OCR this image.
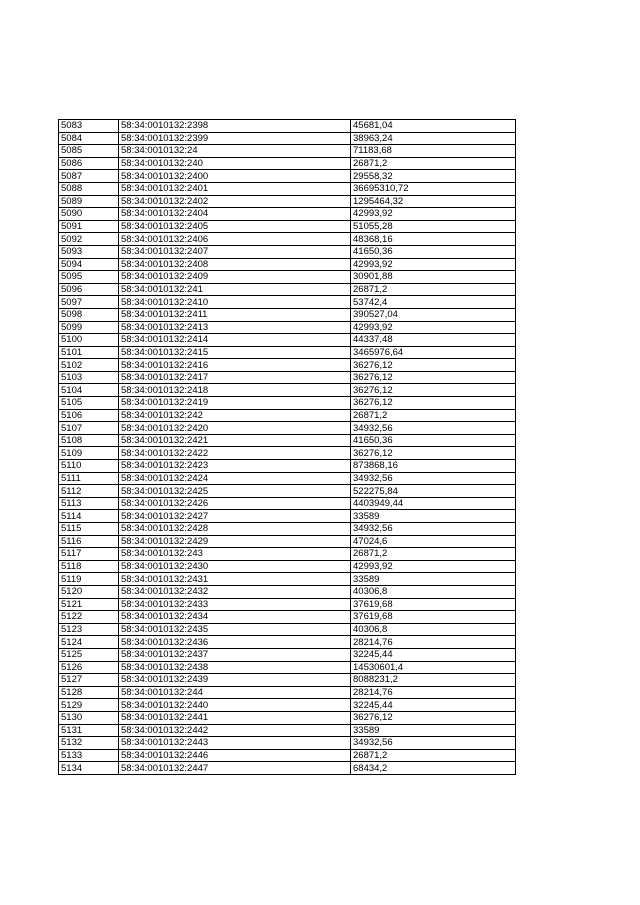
5083	58:34:0010132:2398	45681,04
5084	58:34:0010132:2399	38963,24
5085	58:34:0010132:24	71183,68
5086	58:34:0010132:240	26871,2
5087	58:34:0010132:2400	29558,32
5088	58:34:0010132:2401	36695310,72
5089	58:34:0010132:2402	1295464,32
5090	58:34:0010132:2404	42993,92
5091	58:34:0010132:2405	51055,28
5092	58:34:0010132:2406	48368,16
5093	58:34:0010132:2407	41650,36
5094	58:34:0010132:2408	42993,92
5095	58:34:0010132:2409	30901,88
5096	58:34:0010132:241	26871,2
5097	58:34:0010132:2410	53742,4
5098	58:34:0010132:2411	390527,04
5099	58:34:0010132:2413	42993,92
5100	58:34:0010132:2414	44337,48
5101	58:34:0010132:2415	3465976,64
5102	58:34:0010132:2416	36276,12
5103	58:34:0010132:2417	36276,12
5104	58:34:0010132:2418	36276,12
5105	58:34:0010132:2419	36276,12
5106	58:34:0010132:242	26871,2
5107	58:34:0010132:2420	34932,56
5108	58:34:0010132:2421	41650,36
5109	58:34:0010132:2422	36276,12
5110	58:34:0010132:2423	873868,16
5111	58:34:0010132:2424	34932,56
5112	58:34:0010132:2425	522275,84
5113	58:34:0010132:2426	4403949,44
5114	58:34:0010132:2427	33589
5115	58:34:0010132:2428	34932,56
5116	58:34:0010132:2429	47024,6
5117	58:34:0010132:243	26871,2
5118	58:34:0010132:2430	42993,92
5119	58:34:0010132:2431	33589
5120	58:34:0010132:2432	40306,8
5121	58:34:0010132:2433	37619,68
5122	58:34:0010132:2434	37619,68
5123	58:34:0010132:2435	40306,8
5124	58:34:0010132:2436	28214,76
5125	58:34:0010132:2437	32245,44
5126	58:34:0010132:2438	14530601,4
5127	58:34:0010132:2439	8088231,2
5128	58:34:0010132:244	28214,76
5129	58:34:0010132:2440	32245,44
5130	58:34:0010132:2441	36276,12
5131	58:34:0010132:2442	33589
5132	58:34:0010132:2443	34932,56
5133	58:34:0010132:2446	26871,2
5134	58:34:0010132:2447	68434,2
